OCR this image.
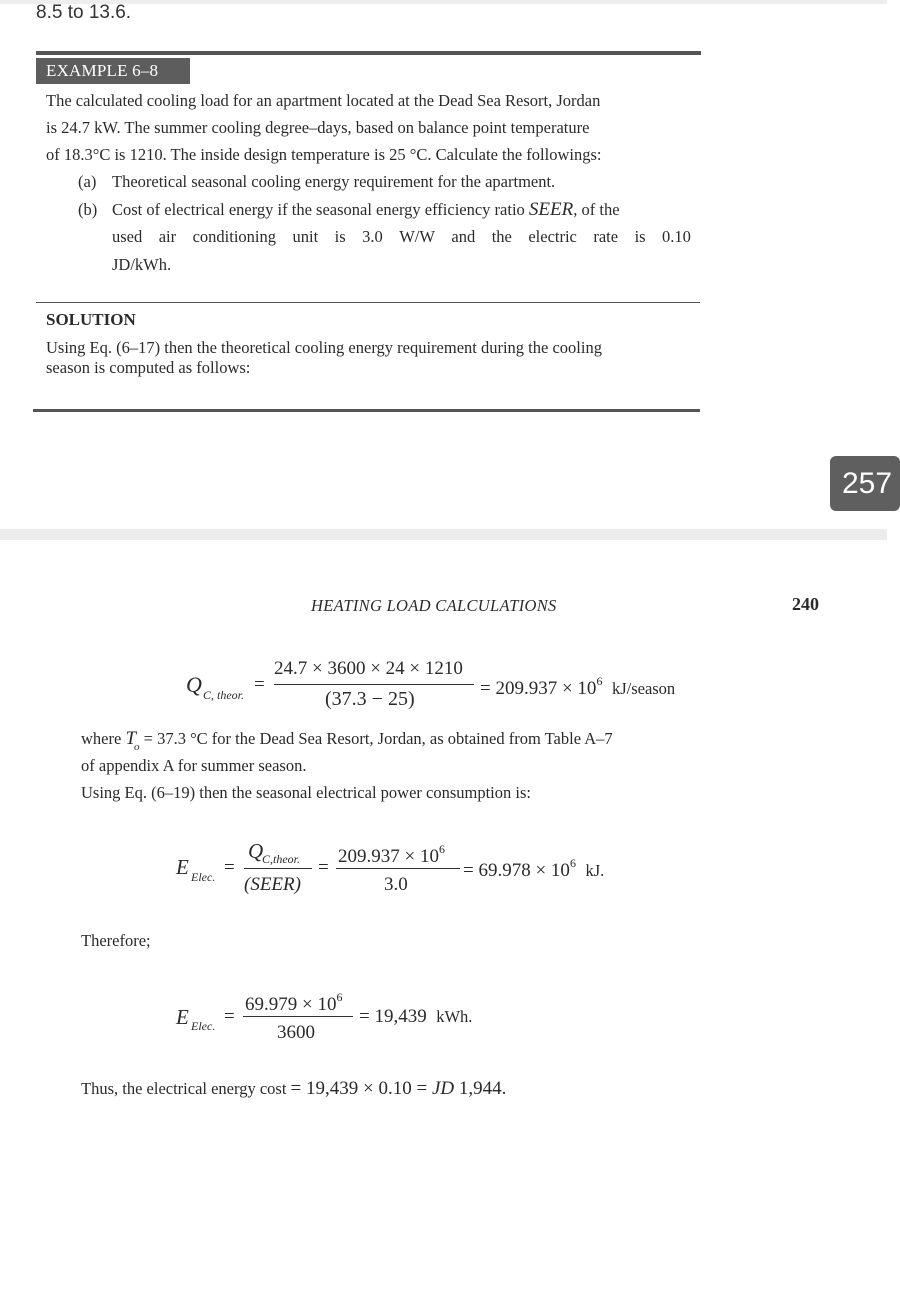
8.5 to 13.6.
EXAMPLE 6–8
The calculated cooling load for an apartment located at the Dead Sea Resort, Jordan
is 24.7 kW. The summer cooling degree–days, based on balance point temperature
of 18.3°C is 1210. The inside design temperature is 25 °C. Calculate the followings:
(a) Theoretical seasonal cooling energy requirement for the apartment.
(b) Cost of electrical energy if the seasonal energy efficiency ratio SEER, of the
used air conditioning unit is 3.0 W/W and the electric rate is 0.10
JD/kWh.
SOLUTION
Using Eq. (6–17) then the theoretical cooling energy requirement during the cooling
season is computed as follows:
257
HEATING LOAD CALCULATIONS	240
Q C, theor. =
24.7 × 3600 × 24 × 1210
(37.3 − 25)	= $209.937 \times 10^6$ kJ/season
where $T_o = 37.3$ °C for the Dead Sea Resort, Jordan, as obtained from Table A–7
of appendix A for summer season.
Using Eq. (6–19) then the seasonal electrical power consumption is:
E Elec. =
Q
C,theor.
(SEER)
=
$209.937 \times 10^6$
3.0
= $69.978 \times 10^6$ kJ.
Therefore;
E Elec. =
$69.979 \times 10^6$
3600
= 19,439 kWh.
Thus, the electrical energy cost = 19,439 × 0.10 = JD 1,944.
